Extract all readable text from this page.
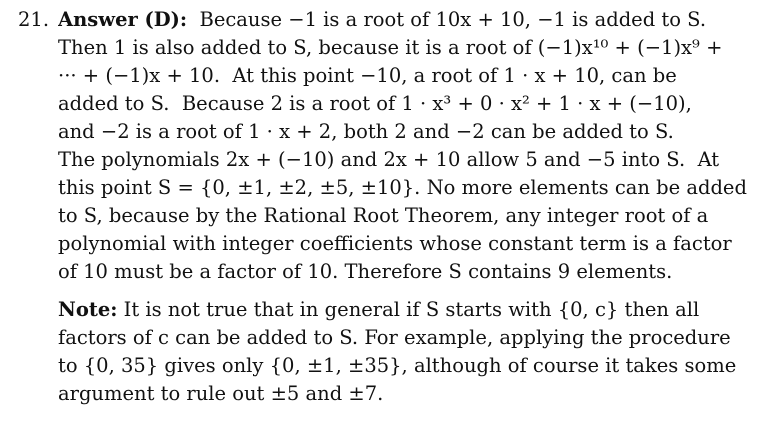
21. Answer (D): Because −1 is a root of 10x + 10, −1 is added to S.
Then 1 is also added to S, because it is a root of (−1)x¹⁰ + (−1)x⁹ +
··· + (−1)x + 10.  At this point −10, a root of 1 · x + 10, can be
added to S.  Because 2 is a root of 1 · x³ + 0 · x² + 1 · x + (−10),
and −2 is a root of 1 · x + 2, both 2 and −2 can be added to S.
The polynomials 2x + (−10) and 2x + 10 allow 5 and −5 into S.  At
this point S = {0, ±1, ±2, ±5, ±10}. No more elements can be added
to S, because by the Rational Root Theorem, any integer root of a
polynomial with integer coefficients whose constant term is a factor
of 10 must be a factor of 10. Therefore S contains 9 elements.
Note: It is not true that in general if S starts with {0, c} then all
factors of c can be added to S. For example, applying the procedure
to {0, 35} gives only {0, ±1, ±35}, although of course it takes some
argument to rule out ±5 and ±7.
